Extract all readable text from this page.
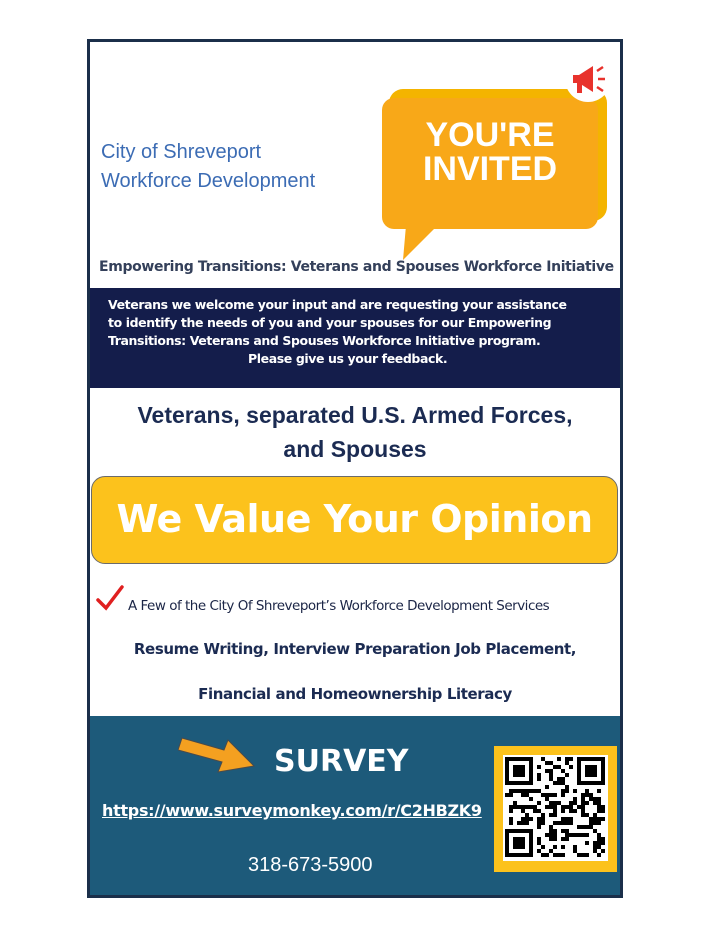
City of Shreveport
Workforce Development
YOU'RE
INVITED
Empowering Transitions: Veterans and Spouses Workforce Initiative
Veterans we welcome your input and are requesting your assistance
to identify the needs of you and your spouses for our Empowering
Transitions: Veterans and Spouses Workforce Initiative program.
Please give us your feedback.
Veterans, separated U.S. Armed Forces,
and Spouses
We Value Your Opinion
A Few of the City Of Shreveport’s Workforce Development Services
Resume Writing, Interview Preparation Job Placement,
Financial and Homeownership Literacy
SURVEY
https://www.surveymonkey.com/r/C2HBZK9
318-673-5900
